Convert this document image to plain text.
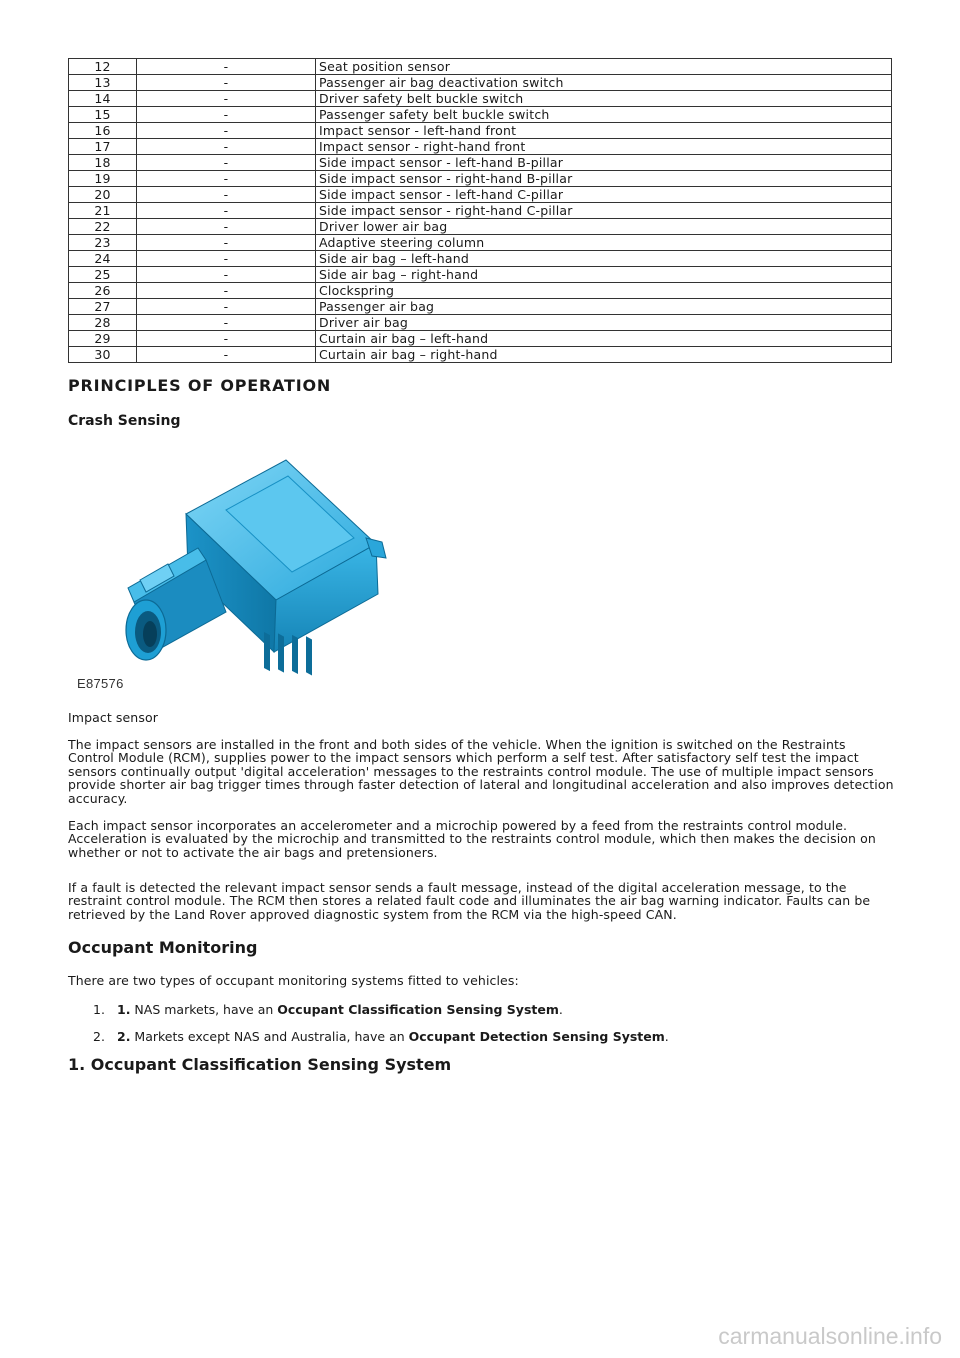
12	-	Seat position sensor
13	-	Passenger air bag deactivation switch
14	-	Driver safety belt buckle switch
15	-	Passenger safety belt buckle switch
16	-	Impact sensor - left-hand front
17	-	Impact sensor - right-hand front
18	-	Side impact sensor - left-hand B-pillar
19	-	Side impact sensor - right-hand B-pillar
20	-	Side impact sensor - left-hand C-pillar
21	-	Side impact sensor - right-hand C-pillar
22	-	Driver lower air bag
23	-	Adaptive steering column
24	-	Side air bag – left-hand
25	-	Side air bag – right-hand
26	-	Clockspring
27	-	Passenger air bag
28	-	Driver air bag
29	-	Curtain air bag – left-hand
30	-	Curtain air bag – right-hand
PRINCIPLES OF OPERATION
Crash Sensing
E87576

Impact sensor

The impact sensors are installed in the front and both sides of the vehicle. When the ignition is switched on the Restraints Control Module (RCM), supplies power to the impact sensors which perform a self test. After satisfactory self test the impact sensors continually output 'digital acceleration' messages to the restraints control module. The use of multiple impact sensors provide shorter air bag trigger times through faster detection of lateral and longitudinal acceleration and also improves detection accuracy.

Each impact sensor incorporates an accelerometer and a microchip powered by a feed from the restraints control module. Acceleration is evaluated by the microchip and transmitted to the restraints control module, which then makes the decision on whether or not to activate the air bags and pretensioners.

If a fault is detected the relevant impact sensor sends a fault message, instead of the digital acceleration message, to the restraint control module. The RCM then stores a related fault code and illuminates the air bag warning indicator. Faults can be retrieved by the Land Rover approved diagnostic system from the RCM via the high-speed CAN.

Occupant Monitoring

There are two types of occupant monitoring systems fitted to vehicles:

1. 1. NAS markets, have an Occupant Classification Sensing System.
2. 2. Markets except NAS and Australia, have an Occupant Detection Sensing System.
1. Occupant Classification Sensing System
carmanualsonline.info
